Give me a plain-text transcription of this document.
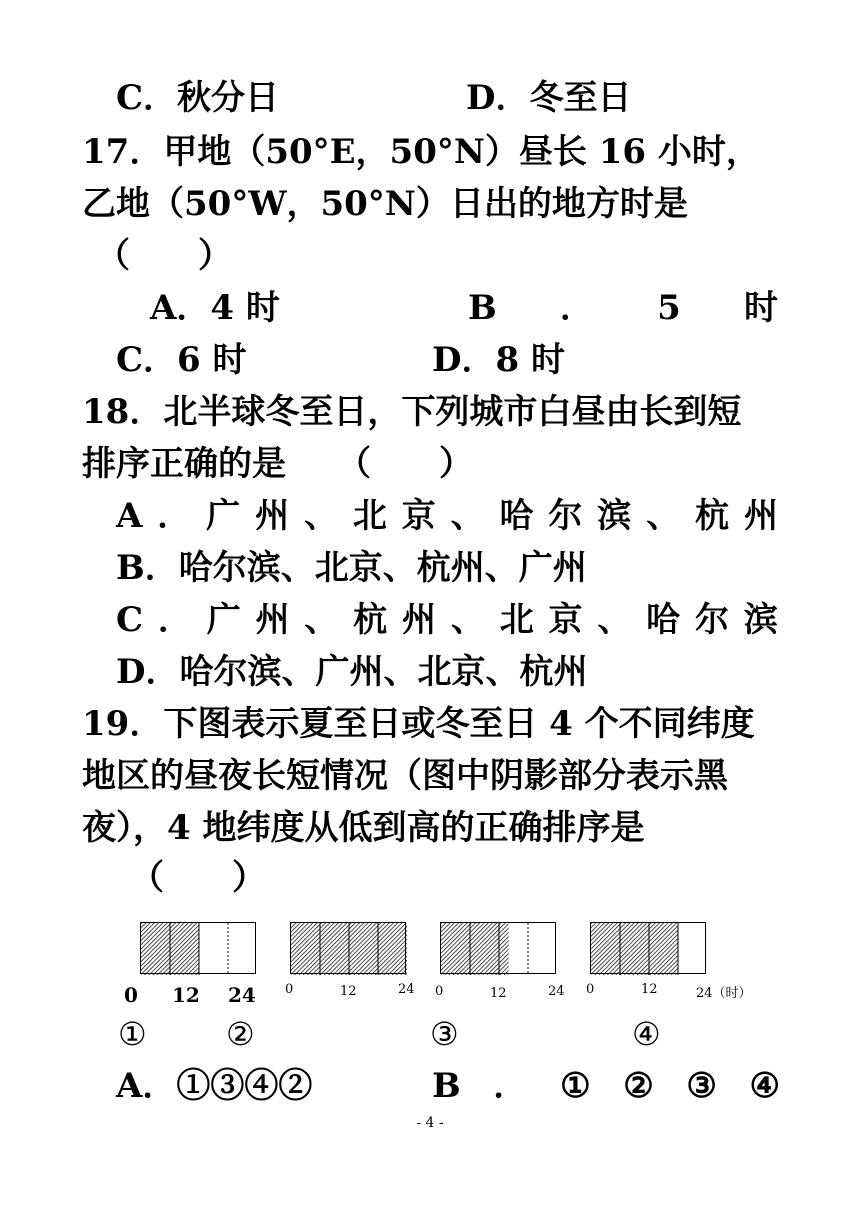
C．秋分日	D．冬至日
17．甲地（50°E，50°N）昼长 16 小时，
乙地（50°W，50°N）日出的地方时是
（　　）
A．4 时	B ． 5 时
C．6 时	D．8 时
18．北半球冬至日，下列城市白昼由长到短
排序正确的是　　（　　）
A ． 广 州 、 北 京 、 哈 尔 滨 、 杭 州
B．哈尔滨、北京、杭州、广州
C ． 广 州 、 杭 州 、 北 京 、 哈 尔 滨
D．哈尔滨、广州、北京、杭州
19．下图表示夏至日或冬至日 4 个不同纬度
地区的昼夜长短情况（图中阴影部分表示黑
夜），4 地纬度从低到高的正确排序是
（　　）
0 12 24 0	12	24 0	12	24 0	12	24（时）
① ②	③	④
A．①③④②	B ． ① ② ③ ④
- 4 -
